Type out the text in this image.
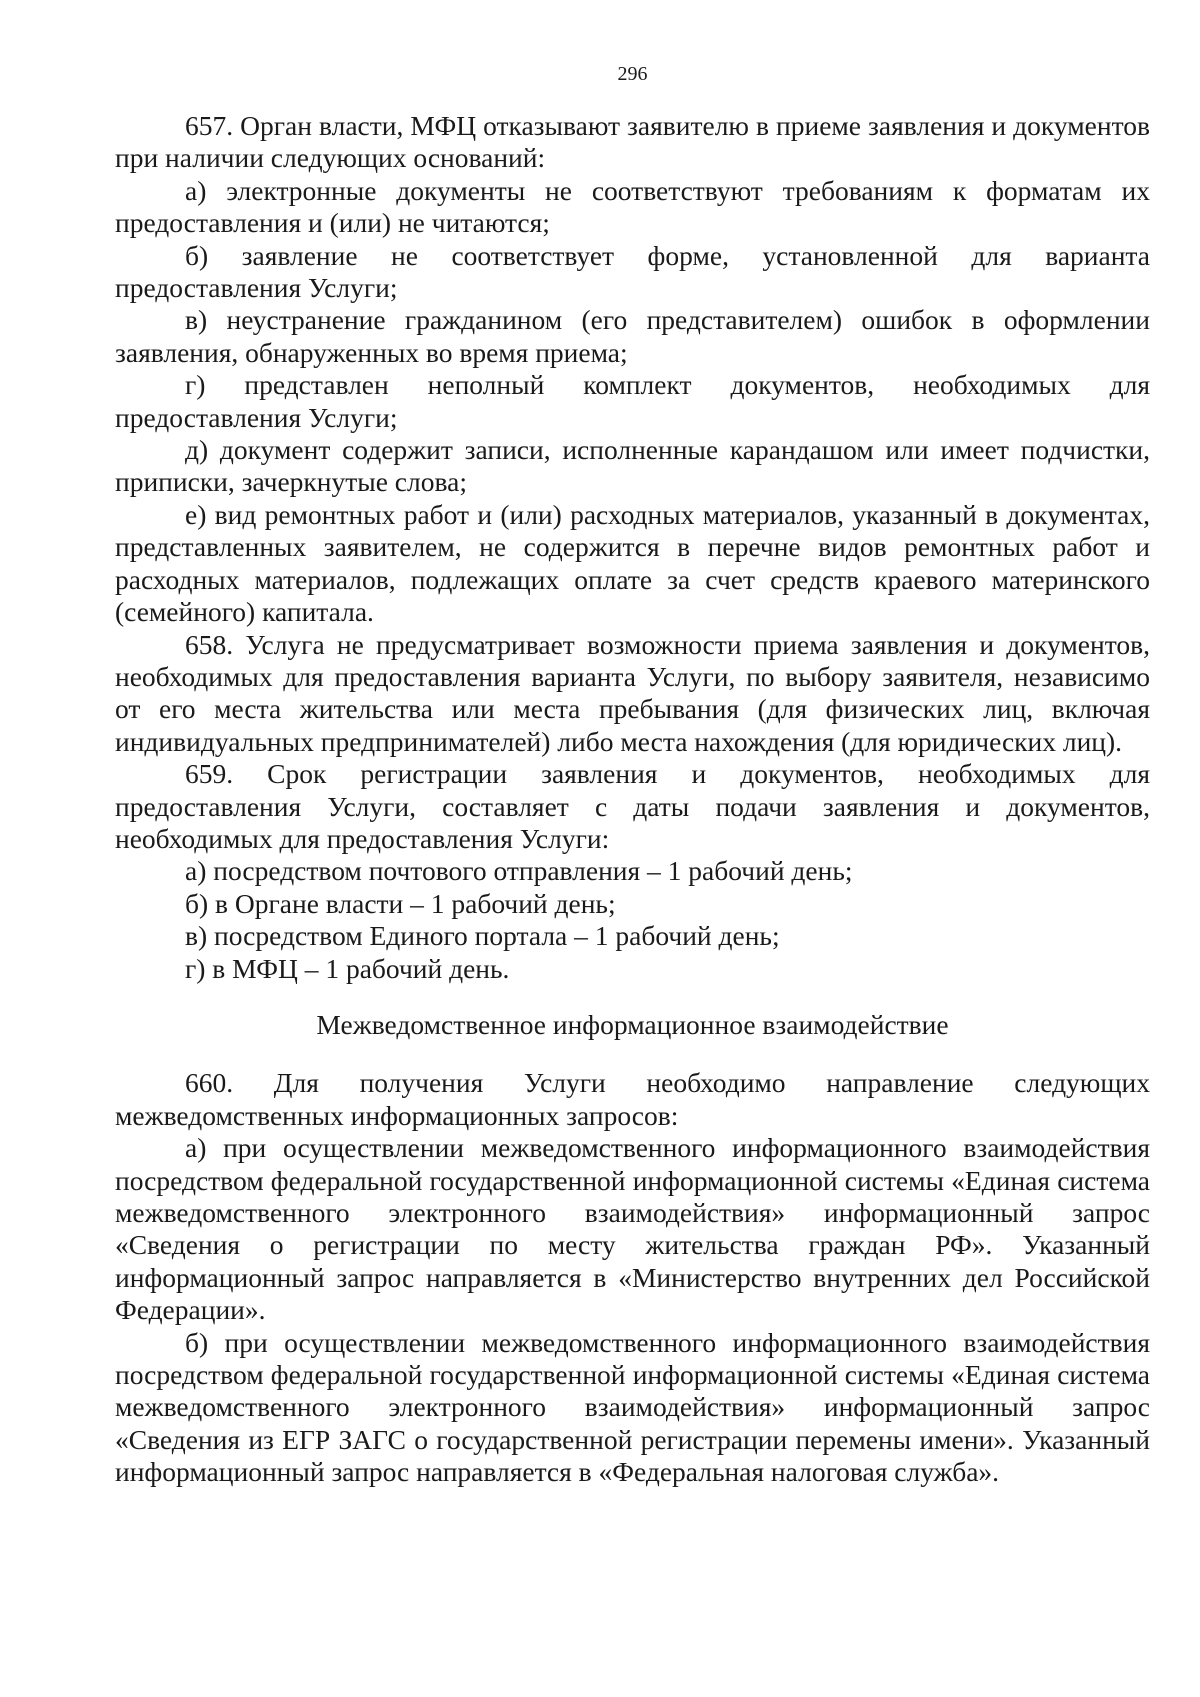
296

657. Орган власти, МФЦ отказывают заявителю в приеме заявления и документов при наличии следующих оснований:

а) электронные документы не соответствуют требованиям к форматам их предоставления и (или) не читаются;

б) заявление не соответствует форме, установленной для варианта предоставления Услуги;

в) неустранение гражданином (его представителем) ошибок в оформлении заявления, обнаруженных во время приема;

г) представлен неполный комплект документов, необходимых для предоставления Услуги;

д) документ содержит записи, исполненные карандашом или имеет подчистки, приписки, зачеркнутые слова;

е) вид ремонтных работ и (или) расходных материалов, указанный в документах, представленных заявителем, не содержится в перечне видов ремонтных работ и расходных материалов, подлежащих оплате за счет средств краевого материнского (семейного) капитала.

658. Услуга не предусматривает возможности приема заявления и документов, необходимых для предоставления варианта Услуги, по выбору заявителя, независимо от его места жительства или места пребывания (для физических лиц, включая индивидуальных предпринимателей) либо места нахождения (для юридических лиц).

659. Срок регистрации заявления и документов, необходимых для предоставления Услуги, составляет с даты подачи заявления и документов, необходимых для предоставления Услуги:

а) посредством почтового отправления – 1 рабочий день;

б) в Органе власти – 1 рабочий день;

в) посредством Единого портала – 1 рабочий день;

г) в МФЦ – 1 рабочий день.

Межведомственное информационное взаимодействие

660. Для получения Услуги необходимо направление следующих межведомственных информационных запросов:

а) при осуществлении межведомственного информационного взаимодействия посредством федеральной государственной информационной системы «Единая система межведомственного электронного взаимодействия» информационный запрос «Сведения о регистрации по месту жительства граждан РФ». Указанный информационный запрос направляется в «Министерство внутренних дел Российской Федерации».

б) при осуществлении межведомственного информационного взаимодействия посредством федеральной государственной информационной системы «Единая система межведомственного электронного взаимодействия» информационный запрос «Сведения из ЕГР ЗАГС о государственной регистрации перемены имени». Указанный информационный запрос направляется в «Федеральная налоговая служба».
